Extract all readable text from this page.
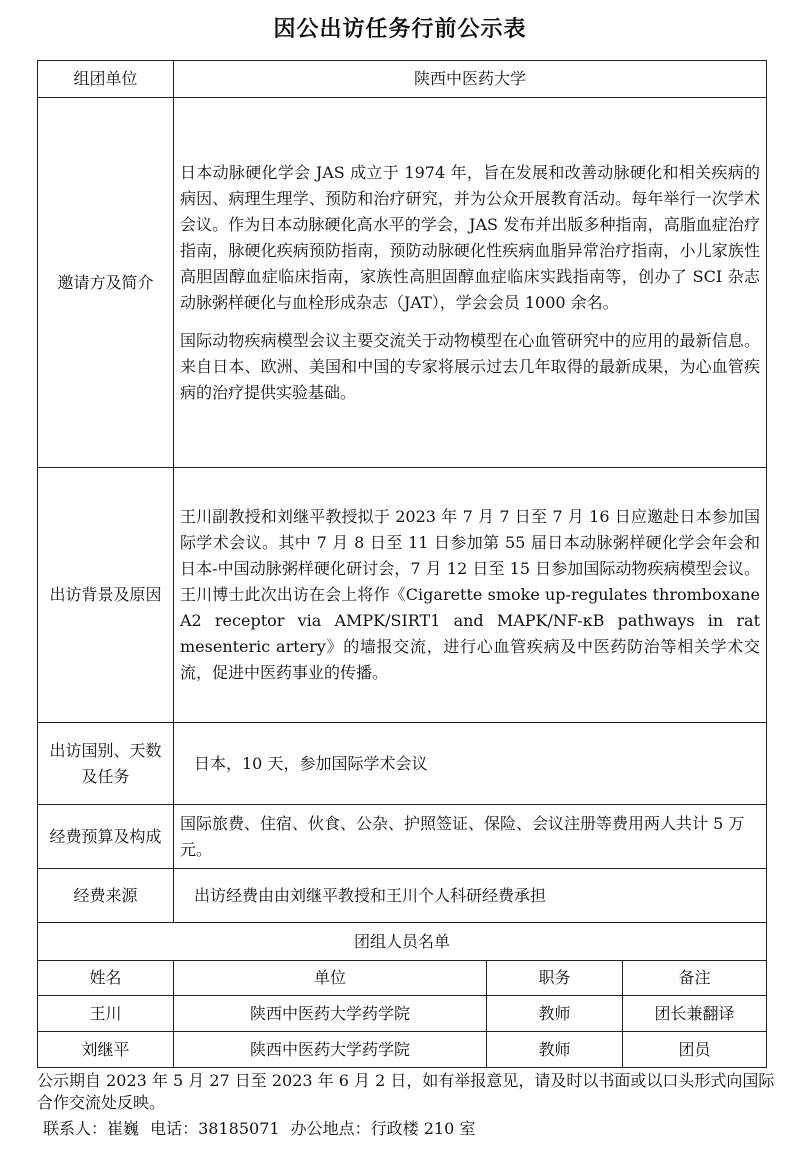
因公出访任务行前公示表
组团单位	陕西中医药大学		
邀请方及简介	日本动脉硬化学会 JAS 成立于 1974 年，旨在发展和改善动脉硬化和相关疾病的病因、病理生理学、预防和治疗研究，并为公众开展教育活动。每年举行一次学术会议。作为日本动脉硬化高水平的学会，JAS 发布并出版多种指南，高脂血症治疗指南，脉硬化疾病预防指南，预防动脉硬化性疾病血脂异常治疗指南，小儿家族性高胆固醇血症临床指南，家族性高胆固醇血症临床实践指南等，创办了 SCI 杂志动脉粥样硬化与血栓形成杂志（JAT），学会会员 1000 余名。

国际动物疾病模型会议主要交流关于动物模型在心血管研究中的应用的最新信息。来自日本、欧洲、美国和中国的专家将展示过去几年取得的最新成果，为心血管疾病的治疗提供实验基础。		

出访背景及原因	王川副教授和刘继平教授拟于 2023 年 7 月 7 日至 7 月 16 日应邀赴日本参加国际学术会议。其中 7 月 8 日至 11 日参加第 55 届日本动脉粥样硬化学会年会和日本-中国动脉粥样硬化研讨会，7 月 12 日至 15 日参加国际动物疾病模型会议。王川博士此次出访在会上将作《Cigarette smoke up-regulates thromboxane A2 receptor via AMPK/SIRT1 and MAPK/NF-κB pathways in rat mesenteric artery》的墙报交流，进行心血管疾病及中医药防治等相关学术交流，促进中医药事业的传播。		

出访国别、天数及任务	日本，10 天，参加国际学术会议		
经费预算及构成	国际旅费、住宿、伙食、公杂、护照签证、保险、会议注册等费用两人共计 5 万元。		
经费来源	出访经费由由刘继平教授和王川个人科研经费承担		
团组人员名单			
姓名	单位	职务	备注
王川	陕西中医药大学药学院	教师	团长兼翻译
刘继平	陕西中医药大学药学院	教师	团员
公示期自 2023 年 5 月 27 日至 2023 年 6 月 2 日，如有举报意见，请及时以书面或以口头形式向国际合作交流处反映。
联系人：崔巍 电话：38185071 办公地点：行政楼 210 室
